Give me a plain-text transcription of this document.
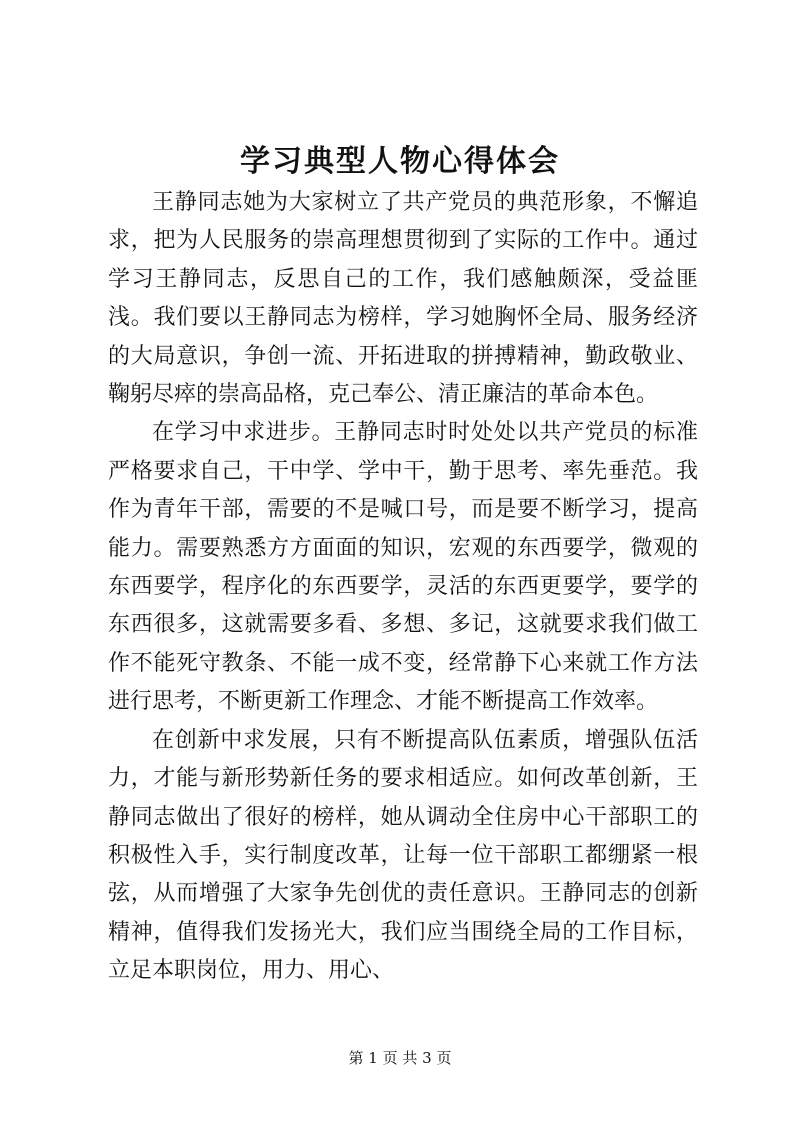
学习典型人物心得体会

王静同志她为大家树立了共产党员的典范形象，不懈追求，把为人民服务的崇高理想贯彻到了实际的工作中。通过学习王静同志，反思自己的工作，我们感触颇深，受益匪浅。我们要以王静同志为榜样，学习她胸怀全局、服务经济的大局意识，争创一流、开拓进取的拼搏精神，勤政敬业、鞠躬尽瘁的崇高品格，克己奉公、清正廉洁的革命本色。

在学习中求进步。王静同志时时处处以共产党员的标准严格要求自己，干中学、学中干，勤于思考、率先垂范。我作为青年干部，需要的不是喊口号，而是要不断学习，提高能力。需要熟悉方方面面的知识，宏观的东西要学，微观的东西要学，程序化的东西要学，灵活的东西更要学，要学的东西很多，这就需要多看、多想、多记，这就要求我们做工作不能死守教条、不能一成不变，经常静下心来就工作方法进行思考，不断更新工作理念、才能不断提高工作效率。

在创新中求发展，只有不断提高队伍素质，增强队伍活力，才能与新形势新任务的要求相适应。如何改革创新，王静同志做出了很好的榜样，她从调动全住房中心干部职工的积极性入手，实行制度改革，让每一位干部职工都绷紧一根弦，从而增强了大家争先创优的责任意识。王静同志的创新精神，值得我们发扬光大，我们应当围绕全局的工作目标，立足本职岗位，用力、用心、

第 1 页 共 3 页
